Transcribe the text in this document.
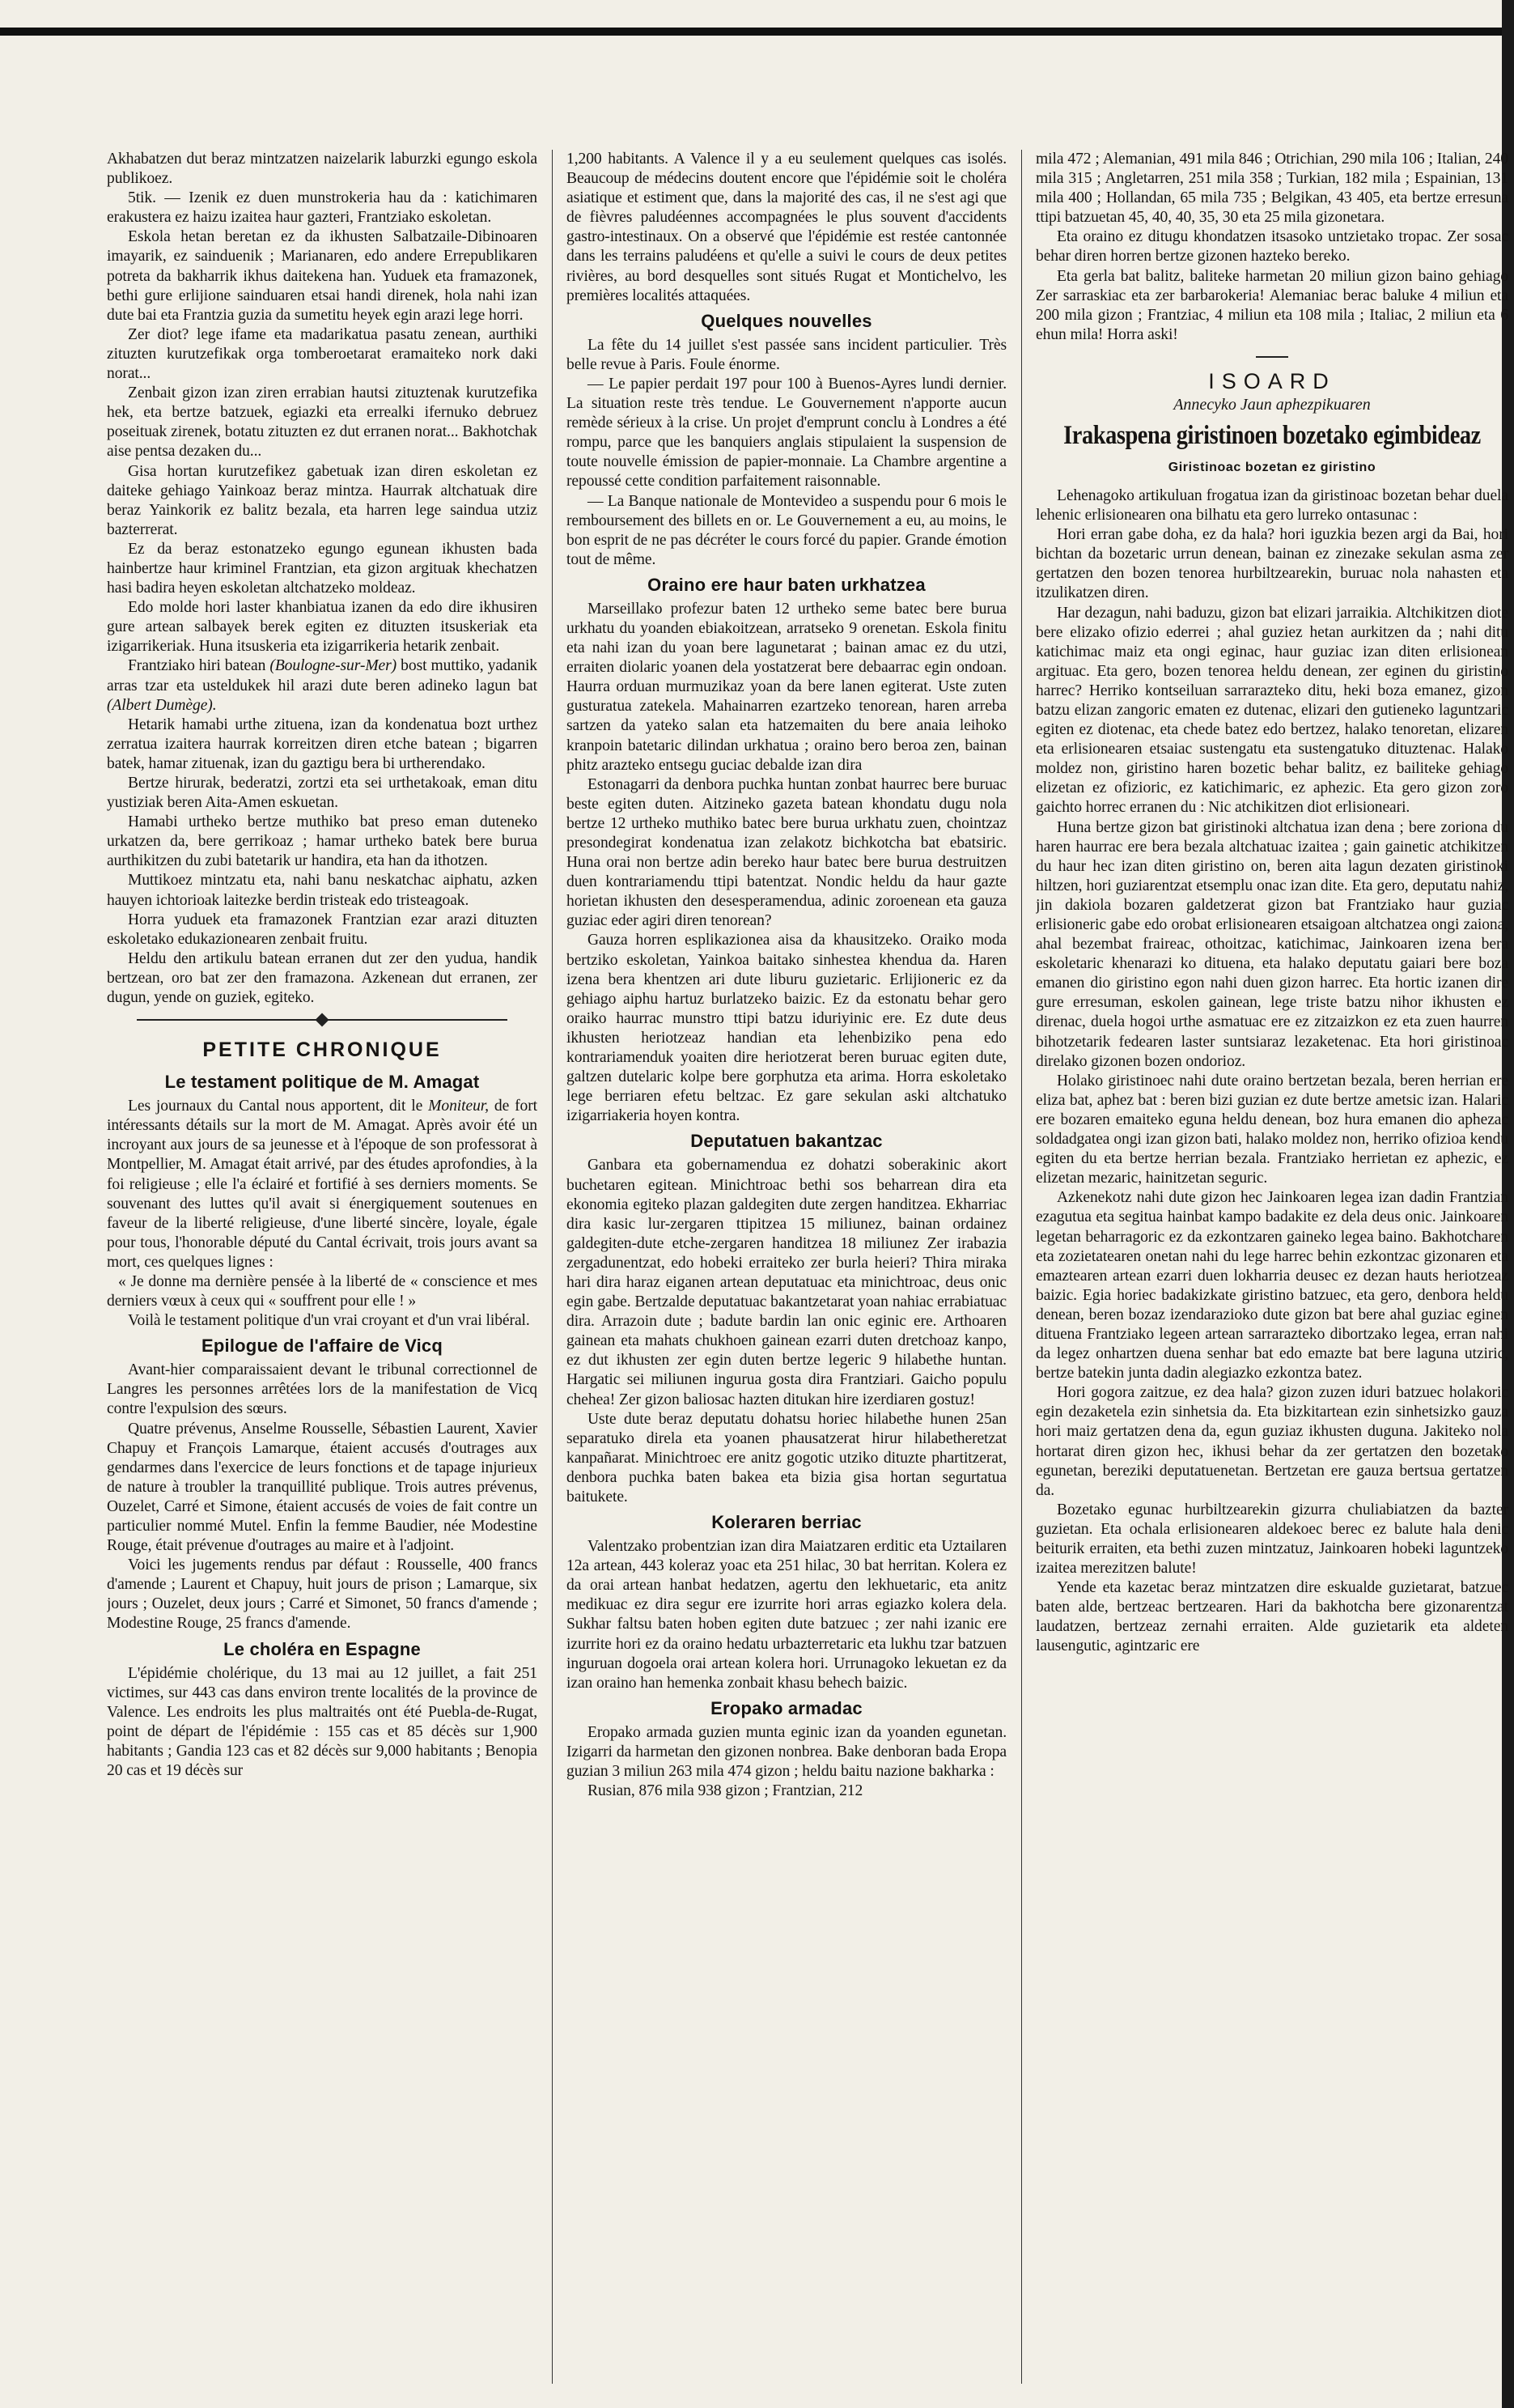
Akhabatzen dut beraz mintzatzen naizelarik laburzki egungo eskola publikoez.

5tik. — Izenik ez duen munstrokeria hau da : katichimaren erakustera ez haizu izaitea haur gazteri, Frantziako eskoletan.

Eskola hetan beretan ez da ikhusten Salbatzaile-Dibinoaren imayarik, ez sainduenik ; Marianaren, edo andere Errepublikaren potreta da bakharrik ikhus daitekena han. Yuduek eta framazonek, bethi gure erlijione sainduaren etsai handi direnek, hola nahi izan dute bai eta Frantzia guzia da sumetitu heyek egin arazi lege horri.

Zer diot? lege ifame eta madarikatua pasatu zenean, aurthiki zituzten kurutzefikak orga tomberoetarat eramaiteko nork daki norat...

Zenbait gizon izan ziren errabian hautsi zituztenak kurutzefika hek, eta bertze batzuek, egiazki eta errealki ifernuko debruez poseituak zirenek, botatu zituzten ez dut erranen norat... Bakhotchak aise pentsa dezaken du...

Gisa hortan kurutzefikez gabetuak izan diren eskoletan ez daiteke gehiago Yainkoaz beraz mintza. Haurrak altchatuak dire beraz Yainkorik ez balitz bezala, eta harren lege saindua utziz bazterrerat.

Ez da beraz estonatzeko egungo egunean ikhusten bada hainbertze haur kriminel Frantzian, eta gizon argituak khechatzen hasi badira heyen eskoletan altchatzeko moldeaz.

Edo molde hori laster khanbiatua izanen da edo dire ikhusiren gure artean salbayek berek egiten ez dituzten itsuskeriak eta izigarrikeriak. Huna itsuskeria eta izigarrikeria hetarik zenbait.

Frantziako hiri batean (Boulogne-sur-Mer) bost muttiko, yadanik arras tzar eta usteldukek hil arazi dute beren adineko lagun bat (Albert Dumège).

Hetarik hamabi urthe zituena, izan da kondenatua bozt urthez zerratua izaitera haurrak korreitzen diren etche batean ; bigarren batek, hamar zituenak, izan du gaztigu bera bi urtherendako.

Bertze hirurak, bederatzi, zortzi eta sei urthetakoak, eman ditu yustiziak beren Aita-Amen eskuetan.

Hamabi urtheko bertze muthiko bat preso eman duteneko urkatzen da, bere gerrikoaz ; hamar urtheko batek bere burua aurthikitzen du zubi batetarik ur handira, eta han da ithotzen.

Muttikoez mintzatu eta, nahi banu neskatchac aiphatu, azken hauyen ichtorioak laitezke berdin tristeak edo tristeagoak.

Horra yuduek eta framazonek Frantzian ezar arazi dituzten eskoletako edukazionearen zenbait fruitu.

Heldu den artikulu batean erranen dut zer den yudua, handik bertzean, oro bat zer den framazona. Azkenean dut erranen, zer dugun, yende on guziek, egiteko.

PETITE CHRONIQUE
Le testament politique de M. Amagat

Les journaux du Cantal nous apportent, dit le Moniteur, de fort intéressants détails sur la mort de M. Amagat. Après avoir été un incroyant aux jours de sa jeunesse et à l'époque de son professorat à Montpellier, M. Amagat était arrivé, par des études aprofondies, à la foi religieuse ; elle l'a éclairé et fortifié à ses derniers moments. Se souvenant des luttes qu'il avait si énergiquement soutenues en faveur de la liberté religieuse, d'une liberté sincère, loyale, égale pour tous, l'honorable député du Cantal écrivait, trois jours avant sa mort, ces quelques lignes :

« Je donne ma dernière pensée à la liberté de « conscience et mes derniers vœux à ceux qui « souffrent pour elle ! »

Voilà le testament politique d'un vrai croyant et d'un vrai libéral.

Epilogue de l'affaire de Vicq

Avant-hier comparaissaient devant le tribunal correctionnel de Langres les personnes arrêtées lors de la manifestation de Vicq contre l'expulsion des sœurs.

Quatre prévenus, Anselme Rousselle, Sébastien Laurent, Xavier Chapuy et François Lamarque, étaient accusés d'outrages aux gendarmes dans l'exercice de leurs fonctions et de tapage injurieux de nature à troubler la tranquillité publique. Trois autres prévenus, Ouzelet, Carré et Simone, étaient accusés de voies de fait contre un particulier nommé Mutel. Enfin la femme Baudier, née Modestine Rouge, était prévenue d'outrages au maire et à l'adjoint.

Voici les jugements rendus par défaut : Rousselle, 400 francs d'amende ; Laurent et Chapuy, huit jours de prison ; Lamarque, six jours ; Ouzelet, deux jours ; Carré et Simonet, 50 francs d'amende ; Modestine Rouge, 25 francs d'amende.

Le choléra en Espagne

L'épidémie cholérique, du 13 mai au 12 juillet, a fait 251 victimes, sur 443 cas dans environ trente localités de la province de Valence. Les endroits les plus maltraités ont été Puebla-de-Rugat, point de départ de l'épidémie : 155 cas et 85 décès sur 1,900 habitants ; Gandia 123 cas et 82 décès sur 9,000 habitants ; Benopia 20 cas et 19 décès sur

1,200 habitants. A Valence il y a eu seulement quelques cas isolés. Beaucoup de médecins doutent encore que l'épidémie soit le choléra asiatique et estiment que, dans la majorité des cas, il ne s'est agi que de fièvres paludéennes accompagnées le plus souvent d'accidents gastro-intestinaux. On a observé que l'épidémie est restée cantonnée dans les terrains paludéens et qu'elle a suivi le cours de deux petites rivières, au bord desquelles sont situés Rugat et Montichelvo, les premières localités attaquées.

Quelques nouvelles

La fête du 14 juillet s'est passée sans incident particulier. Très belle revue à Paris. Foule énorme.

— Le papier perdait 197 pour 100 à Buenos-Ayres lundi dernier. La situation reste très tendue. Le Gouvernement n'apporte aucun remède sérieux à la crise. Un projet d'emprunt conclu à Londres a été rompu, parce que les banquiers anglais stipulaient la suspension de toute nouvelle émission de papier-monnaie. La Chambre argentine a repoussé cette condition parfaitement raisonnable.

— La Banque nationale de Montevideo a suspendu pour 6 mois le remboursement des billets en or. Le Gouvernement a eu, au moins, le bon esprit de ne pas décréter le cours forcé du papier. Grande émotion tout de même.

Oraino ere haur baten urkhatzea

Marseillako profezur baten 12 urtheko seme batec bere burua urkhatu du yoanden ebiakoitzean, arratseko 9 orenetan. Eskola finitu eta nahi izan du yoan bere lagunetarat ; bainan amac ez du utzi, erraiten diolaric yoanen dela yostatzerat bere debaarrac egin ondoan. Haurra orduan murmuzikaz yoan da bere lanen egiterat. Uste zuten gusturatua zatekela. Mahainarren ezartzeko tenorean, haren arreba sartzen da yateko salan eta hatzemaiten du bere anaia leihoko kranpoin batetaric dilindan urkhatua ; oraino bero beroa zen, bainan phitz arazteko entsegu guciac debalde izan dira

Estonagarri da denbora puchka huntan zonbat haurrec bere buruac beste egiten duten. Aitzineko gazeta batean khondatu dugu nola bertze 12 urtheko muthiko batec bere burua urkhatu zuen, chointzaz presondegirat kondenatua izan zelakotz bichkotcha bat ebatsiric. Huna orai non bertze adin bereko haur batec bere burua destruitzen duen kontrariamendu ttipi batentzat. Nondic heldu da haur gazte horietan ikhusten den desesperamendua, adinic zoroenean eta gauza guziac eder agiri diren tenorean?

Gauza horren esplikazionea aisa da khausitzeko. Oraiko moda bertziko eskoletan, Yainkoa baitako sinhestea khendua da. Haren izena bera khentzen ari dute liburu guzietaric. Erlijioneric ez da gehiago aiphu hartuz burlatzeko baizic. Ez da estonatu behar gero oraiko haurrac munstro ttipi batzu iduriyinic ere. Ez dute deus ikhusten heriotzeaz handian eta lehenbiziko pena edo kontrariamenduk yoaiten dire heriotzerat beren buruac egiten dute, galtzen dutelaric kolpe bere gorphutza eta arima. Horra eskoletako lege berriaren efetu beltzac. Ez gare sekulan aski altchatuko izigarriakeria hoyen kontra.

Deputatuen bakantzac

Ganbara eta gobernamendua ez dohatzi soberakinic akort buchetaren egitean. Minichtroac bethi sos beharrean dira eta ekonomia egiteko plazan galdegiten dute zergen handitzea. Ekharriac dira kasic lur-zergaren ttipitzea 15 miliunez, bainan ordainez galdegiten-dute etche-zergaren handitzea 18 miliunez Zer irabazia zergadunentzat, edo hobeki erraiteko zer burla heieri? Thira miraka hari dira haraz eiganen artean deputatuac eta minichtroac, deus onic egin gabe. Bertzalde deputatuac bakantzetarat yoan nahiac errabiatuac dira. Arrazoin dute ; badute bardin lan onic eginic ere. Arthoaren gainean eta mahats chukhoen gainean ezarri duten dretchoaz kanpo, ez dut ikhusten zer egin duten bertze legeric 9 hilabethe huntan. Hargatic sei miliunen ingurua gosta dira Frantziari. Gaicho populu chehea! Zer gizon baliosac hazten ditukan hire izerdiaren gostuz!

Uste dute beraz deputatu dohatsu horiec hilabethe hunen 25an separatuko direla eta yoanen phausatzerat hirur hilabetheretzat kanpañarat. Minichtroec ere anitz gogotic utziko dituzte phartitzerat, denbora puchka baten bakea eta bizia gisa hortan segurtatua baitukete.

Koleraren berriac

Valentzako probentzian izan dira Maiatzaren erditic eta Uztailaren 12a artean, 443 koleraz yoac eta 251 hilac, 30 bat herritan. Kolera ez da orai artean hanbat hedatzen, agertu den lekhuetaric, eta anitz medikuac ez dira segur ere izurrite hori arras egiazko kolera dela. Sukhar faltsu baten hoben egiten dute batzuec ; zer nahi izanic ere izurrite hori ez da oraino hedatu urbazterretaric eta lukhu tzar batzuen inguruan dogoela orai artean kolera hori. Urrunagoko lekuetan ez da izan oraino han hemenka zonbait khasu behech baizic.

Eropako armadac

Eropako armada guzien munta eginic izan da yoanden egunetan. Izigarri da harmetan den gizonen nonbrea. Bake denboran bada Eropa guzian 3 miliun 263 mila 474 gizon ; heldu baitu nazione bakharka :

Rusian, 876 mila 938 gizon ; Frantzian, 212

mila 472 ; Alemanian, 491 mila 846 ; Otrichian, 290 mila 106 ; Italian, 240 mila 315 ; Angletarren, 251 mila 358 ; Turkian, 182 mila ; Espainian, 131 mila 400 ; Hollandan, 65 mila 735 ; Belgikan, 43 405, eta bertze erresuna ttipi batzuetan 45, 40, 40, 35, 30 eta 25 mila gizonetara.

Eta oraino ez ditugu khondatzen itsasoko untzietako tropac. Zer sosac behar diren horren bertze gizonen hazteko bereko.

Eta gerla bat balitz, baliteke harmetan 20 miliun gizon baino gehiago Zer sarraskiac eta zer barbarokeria! Alemaniac berac baluke 4 miliun eta 200 mila gizon ; Frantziac, 4 miliun eta 108 mila ; Italiac, 2 miliun eta 6 ehun mila! Horra aski!

ISOARD
Annecyko Jaun aphezpikuaren
Irakaspena giristinoen bozetako egimbideaz
Giristinoac bozetan ez giristino

Lehenagoko artikuluan frogatua izan da giristinoac bozetan behar duela lehenic erlisionearen ona bilhatu eta gero lurreko ontasunac :

Hori erran gabe doha, ez da hala? hori iguzkia bezen argi da Bai, hori bichtan da bozetaric urrun denean, bainan ez zinezake sekulan asma zer gertatzen den bozen tenorea hurbiltzearekin, buruac nola nahasten eta itzulikatzen diren.

Har dezagun, nahi baduzu, gizon bat elizari jarraikia. Altchikitzen diote bere elizako ofizio ederrei ; ahal guziez hetan aurkitzen da ; nahi ditu katichimac maiz eta ongi eginac, haur guziac izan diten erlisionean argituac. Eta gero, bozen tenorea heldu denean, zer eginen du giristino harrec? Herriko kontseiluan sarrarazteko ditu, heki boza emanez, gizon batzu elizan zangoric ematen ez dutenac, elizari den gutieneko laguntzaric egiten ez diotenac, eta chede batez edo bertzez, halako tenoretan, elizaren eta erlisionearen etsaiac sustengatu eta sustengatuko dituztenac. Halako moldez non, giristino haren bozetic behar balitz, ez bailiteke gehiago elizetan ez ofizioric, ez katichimaric, ez aphezic. Eta gero gizon zoro gaichto horrec erranen du : Nic atchikitzen diot erlisioneari.

Huna bertze gizon bat giristinoki altchatua izan dena ; bere zoriona du haren haurrac ere bera bezala altchatuac izaitea ; gain gainetic atchikitzen du haur hec izan diten giristino on, beren aita lagun dezaten giristinoki hiltzen, hori guziarentzat etsemplu onac izan dite. Eta gero, deputatu nahiz, jin dakiola bozaren galdetzerat gizon bat Frantziako haur guziac erlisioneric gabe edo orobat erlisionearen etsaigoan altchatzea ongi zaiona, ahal bezembat fraireac, othoitzac, katichimac, Jainkoaren izena bera eskoletaric khenarazi ko dituena, eta halako deputatu gaiari bere boza emanen dio giristino egon nahi duen gizon harrec. Eta hortic izanen dire gure erresuman, eskolen gainean, lege triste batzu nihor ikhusten ez direnac, duela hogoi urthe asmatuac ere ez zitzaizkon ez eta zuen haurren bihotzetarik fedearen laster suntsiaraz lezaketenac. Eta hori giristinoac direlako gizonen bozen ondorioz.

Holako giristinoec nahi dute oraino bertzetan bezala, beren herrian ere eliza bat, aphez bat : beren bizi guzian ez dute bertze ametsic izan. Halaric ere bozaren emaiteko eguna heldu denean, boz hura emanen dio aphezac soldadgatea ongi izan gizon bati, halako moldez non, herriko ofizioa kendu egiten du eta bertze herrian bezala. Frantziako herrietan ez aphezic, ez elizetan mezaric, hainitzetan seguric.

Azkenekotz nahi dute gizon hec Jainkoaren legea izan dadin Frantzian ezagutua eta segitua hainbat kampo badakite ez dela deus onic. Jainkoaren legetan beharragoric ez da ezkontzaren gaineko legea baino. Bakhotcharen eta zozietatearen onetan nahi du lege harrec behin ezkontzac gizonaren eta emaztearen artean ezarri duen lokharria deusec ez dezan hauts heriotzeaz baizic. Egia horiec badakizkate giristino batzuec, eta gero, denbora heldu denean, beren bozaz izendarazioko dute gizon bat bere ahal guziac eginen dituena Frantziako legeen artean sarrarazteko dibortzako legea, erran nahi da legez onhartzen duena senhar bat edo emazte bat bere laguna utziric, bertze batekin junta dadin alegiazko ezkontza batez.

Hori gogora zaitzue, ez dea hala? gizon zuzen iduri batzuec holakoric egin dezaketela ezin sinhetsia da. Eta bizkitartean ezin sinhetsizko gauza hori maiz gertatzen dena da, egun guziaz ikhusten duguna. Jakiteko nola hortarat diren gizon hec, ikhusi behar da zer gertatzen den bozetako egunetan, bereziki deputatuenetan. Bertzetan ere gauza bertsua gertatzen da.

Bozetako egunac hurbiltzearekin gizurra chuliabiatzen da bazter guzietan. Eta ochala erlisionearen aldekoec berec ez balute hala denic beiturik erraiten, eta bethi zuzen mintzatuz, Jainkoaren hobeki laguntzeko izaitea merezitzen balute!

Yende eta kazetac beraz mintzatzen dire eskualde guzietarat, batzuec baten alde, bertzeac bertzearen. Hari da bakhotcha bere gizonarentzat laudatzen, bertzeaz zernahi erraiten. Alde guzietarik eta aldeten lausengutic, agintzaric ere
